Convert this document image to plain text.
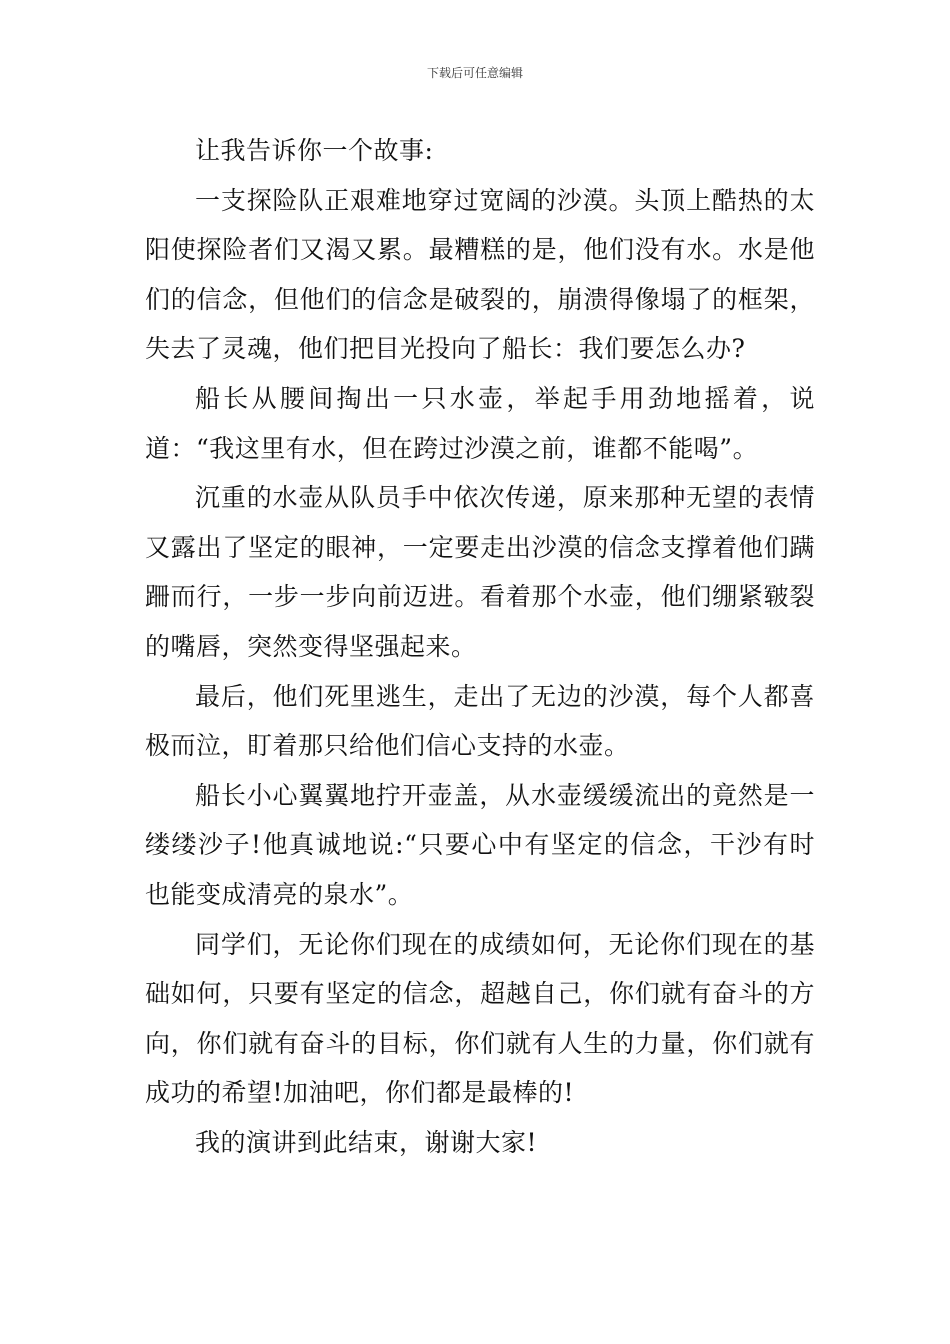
下载后可任意编辑

让我告诉你一个故事:

一支探险队正艰难地穿过宽阔的沙漠。头顶上酷热的太阳使探险者们又渴又累。最糟糕的是，他们没有水。水是他们的信念，但他们的信念是破裂的，崩溃得像塌了的框架，失去了灵魂，他们把目光投向了船长：我们要怎么办?

船长从腰间掏出一只水壶，举起手用劲地摇着，说道：“我这里有水，但在跨过沙漠之前，谁都不能喝”。

沉重的水壶从队员手中依次传递，原来那种无望的表情又露出了坚定的眼神，一定要走出沙漠的信念支撑着他们蹒跚而行，一步一步向前迈进。看着那个水壶，他们绷紧皲裂的嘴唇，突然变得坚强起来。

最后，他们死里逃生，走出了无边的沙漠，每个人都喜极而泣，盯着那只给他们信心支持的水壶。

船长小心翼翼地拧开壶盖，从水壶缓缓流出的竟然是一缕缕沙子!他真诚地说:“只要心中有坚定的信念，干沙有时也能变成清亮的泉水”。

同学们，无论你们现在的成绩如何，无论你们现在的基础如何，只要有坚定的信念，超越自己，你们就有奋斗的方向，你们就有奋斗的目标，你们就有人生的力量，你们就有成功的希望!加油吧，你们都是最棒的!

我的演讲到此结束，谢谢大家!
